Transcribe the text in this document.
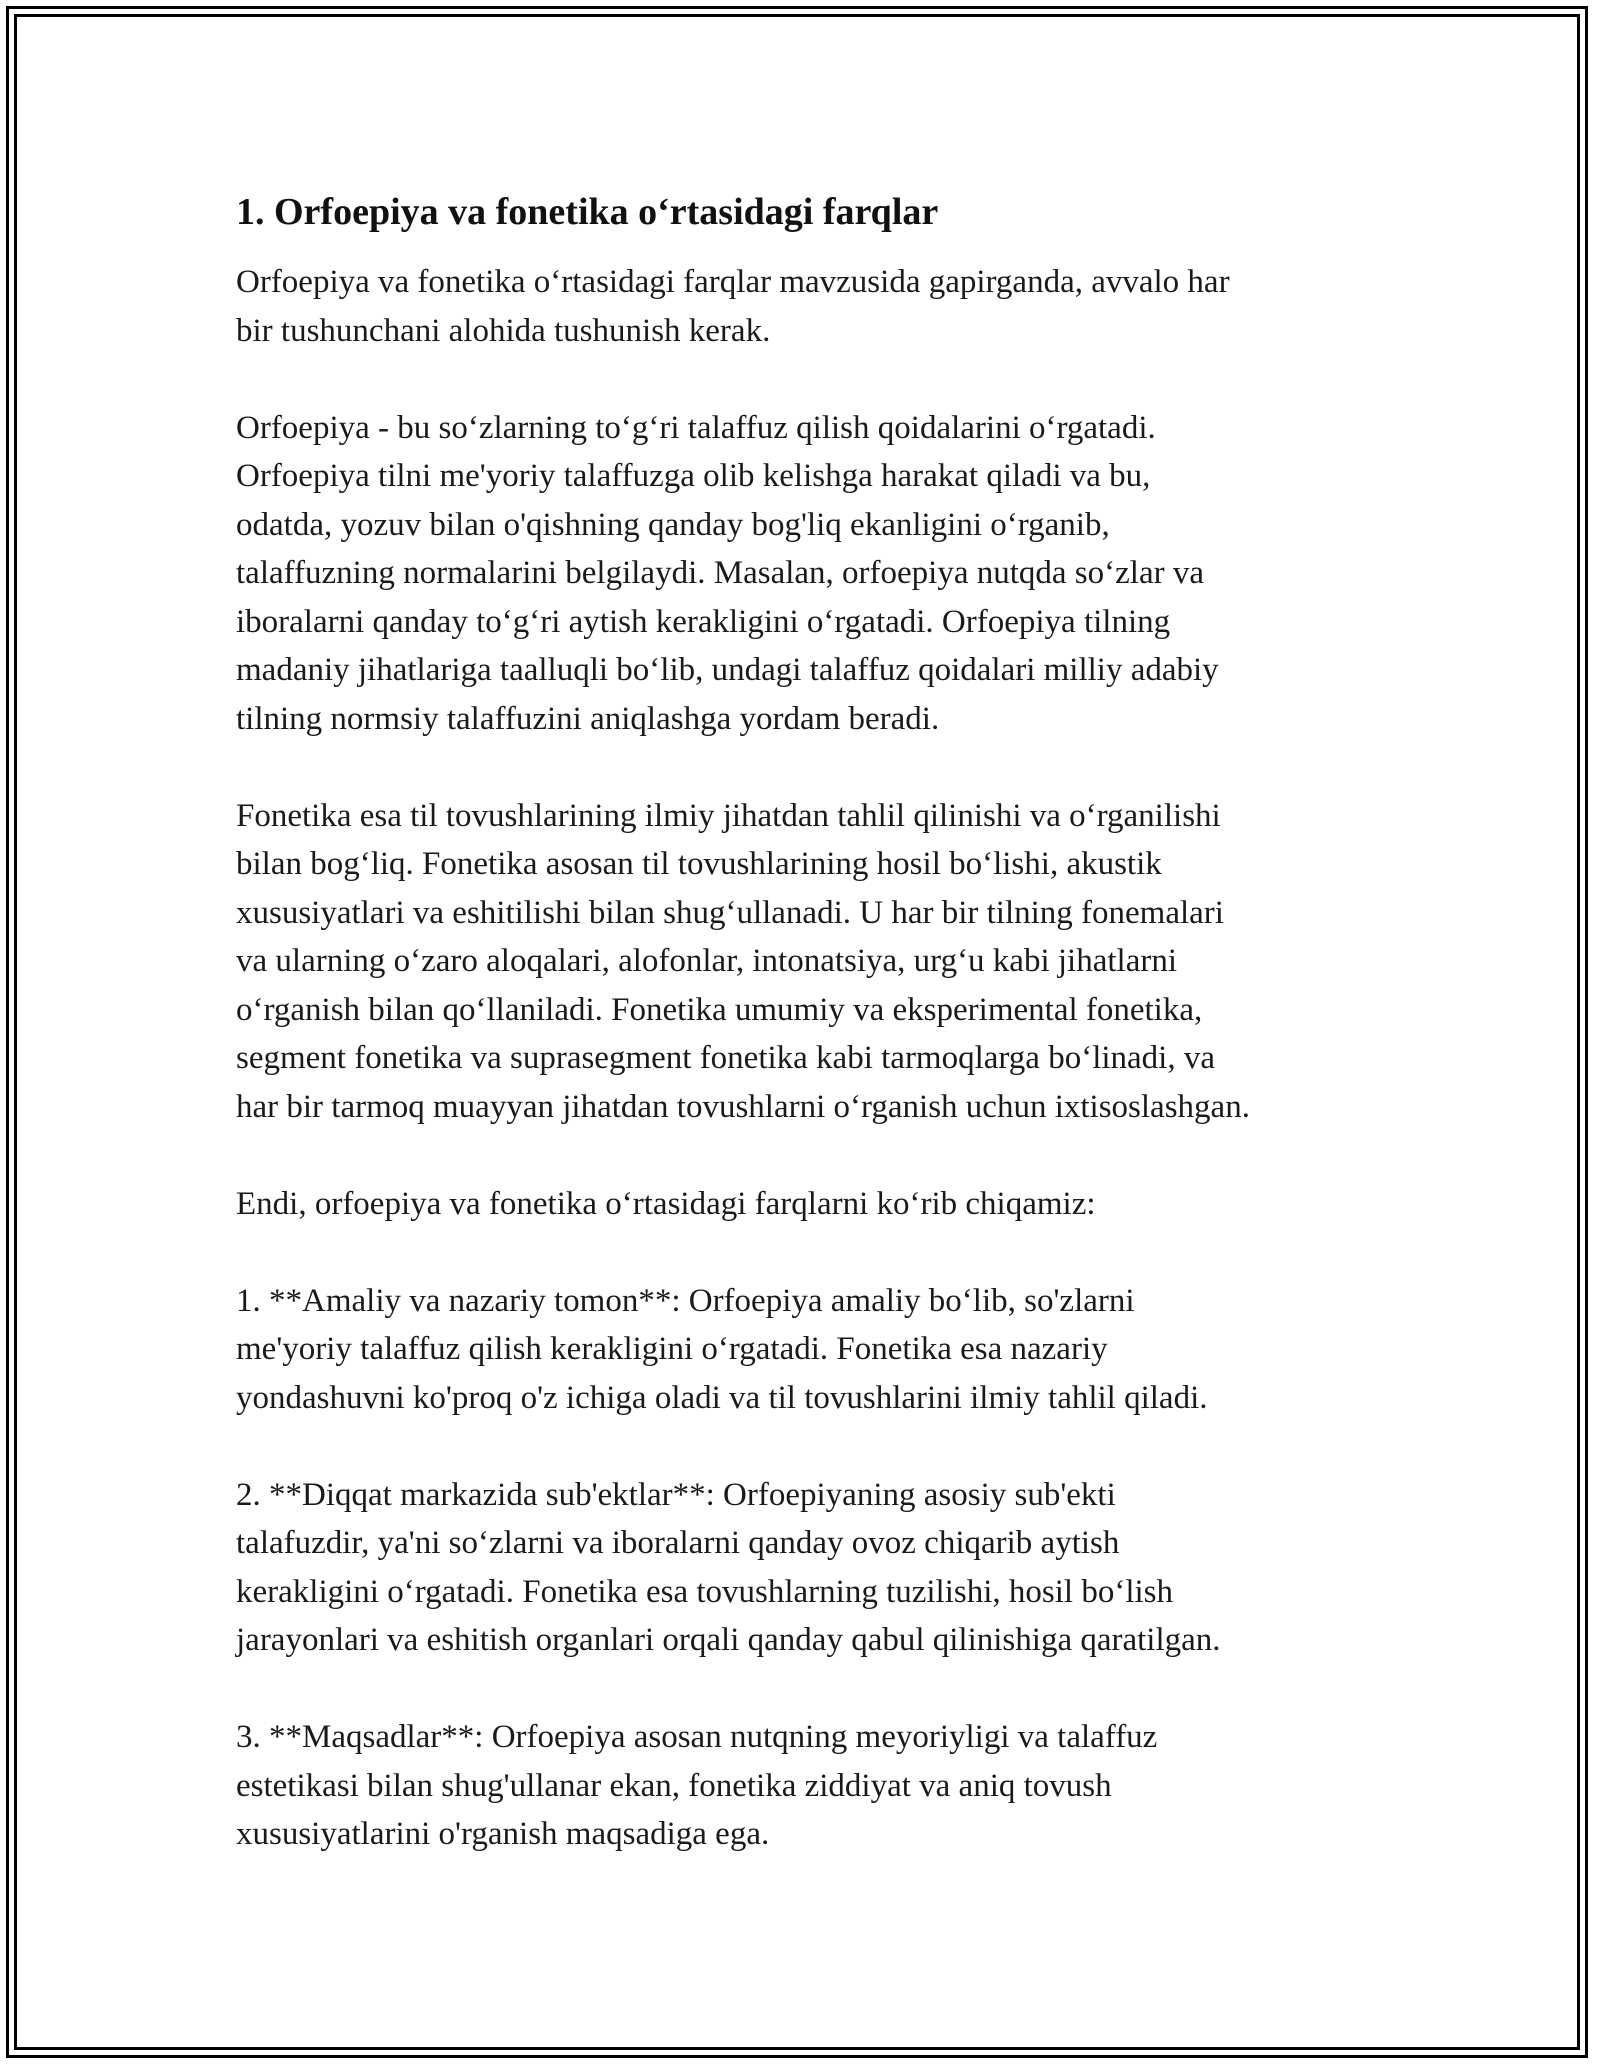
1. Orfoepiya va fonetika o‘rtasidagi farqlar

Orfoepiya va fonetika o‘rtasidagi farqlar mavzusida gapirganda, avvalo har
bir tushunchani alohida tushunish kerak.

Orfoepiya - bu so‘zlarning to‘g‘ri talaffuz qilish qoidalarini o‘rgatadi.
Orfoepiya tilni me'yoriy talaffuzga olib kelishga harakat qiladi va bu,
odatda, yozuv bilan o'qishning qanday bog'liq ekanligini o‘rganib,
talaffuzning normalarini belgilaydi. Masalan, orfoepiya nutqda so‘zlar va
iboralarni qanday to‘g‘ri aytish kerakligini o‘rgatadi. Orfoepiya tilning
madaniy jihatlariga taalluqli bo‘lib, undagi talaffuz qoidalari milliy adabiy
tilning normsiy talaffuzini aniqlashga yordam beradi.

Fonetika esa til tovushlarining ilmiy jihatdan tahlil qilinishi va o‘rganilishi
bilan bog‘liq. Fonetika asosan til tovushlarining hosil bo‘lishi, akustik
xususiyatlari va eshitilishi bilan shug‘ullanadi. U har bir tilning fonemalari
va ularning o‘zaro aloqalari, alofonlar, intonatsiya, urg‘u kabi jihatlarni
o‘rganish bilan qo‘llaniladi. Fonetika umumiy va eksperimental fonetika,
segment fonetika va suprasegment fonetika kabi tarmoqlarga bo‘linadi, va
har bir tarmoq muayyan jihatdan tovushlarni o‘rganish uchun ixtisoslashgan.

Endi, orfoepiya va fonetika o‘rtasidagi farqlarni ko‘rib chiqamiz:

1. **Amaliy va nazariy tomon**: Orfoepiya amaliy bo‘lib, so'zlarni
me'yoriy talaffuz qilish kerakligini o‘rgatadi. Fonetika esa nazariy
yondashuvni ko'proq o'z ichiga oladi va til tovushlarini ilmiy tahlil qiladi.

2. **Diqqat markazida sub'ektlar**: Orfoepiyaning asosiy sub'ekti
talafuzdir, ya'ni so‘zlarni va iboralarni qanday ovoz chiqarib aytish
kerakligini o‘rgatadi. Fonetika esa tovushlarning tuzilishi, hosil bo‘lish
jarayonlari va eshitish organlari orqali qanday qabul qilinishiga qaratilgan.

3. **Maqsadlar**: Orfoepiya asosan nutqning meyoriyligi va talaffuz
estetikasi bilan shug'ullanar ekan, fonetika ziddiyat va aniq tovush
xususiyatlarini o'rganish maqsadiga ega.
